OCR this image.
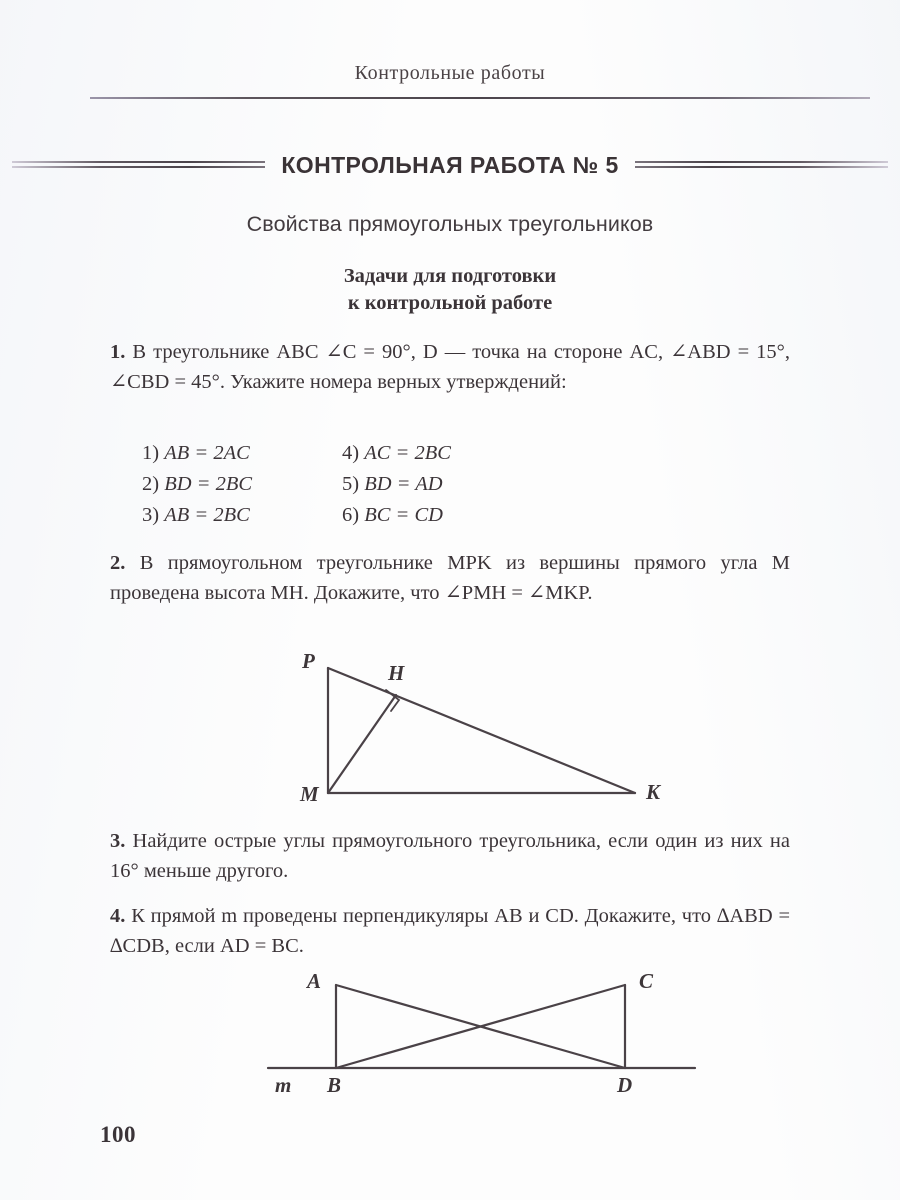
Контрольные работы
КОНТРОЛЬНАЯ РАБОТА № 5
Свойства прямоугольных треугольников
Задачи для подготовки
к контрольной работе
1. В треугольнике ABC ∠C = 90°, D — точка на стороне AC, ∠ABD = 15°, ∠CBD = 45°. Укажите номера верных утверждений:
1) AB = 2AC	4) AC = 2BC
2) BD = 2BC	5) BD = AD
3) AB = 2BC	6) BC = CD
2. В прямоугольном треугольнике MPK из вершины прямого угла M проведена высота MH. Докажите, что ∠PMH = ∠MKP.
P	H
M	K
3. Найдите острые углы прямоугольного треугольника, если один из них на 16° меньше другого.
4. К прямой m проведены перпендикуляры AB и CD. Докажите, что ∆ABD = ∆CDB, если AD = BC.
A	C
m B	D
100
